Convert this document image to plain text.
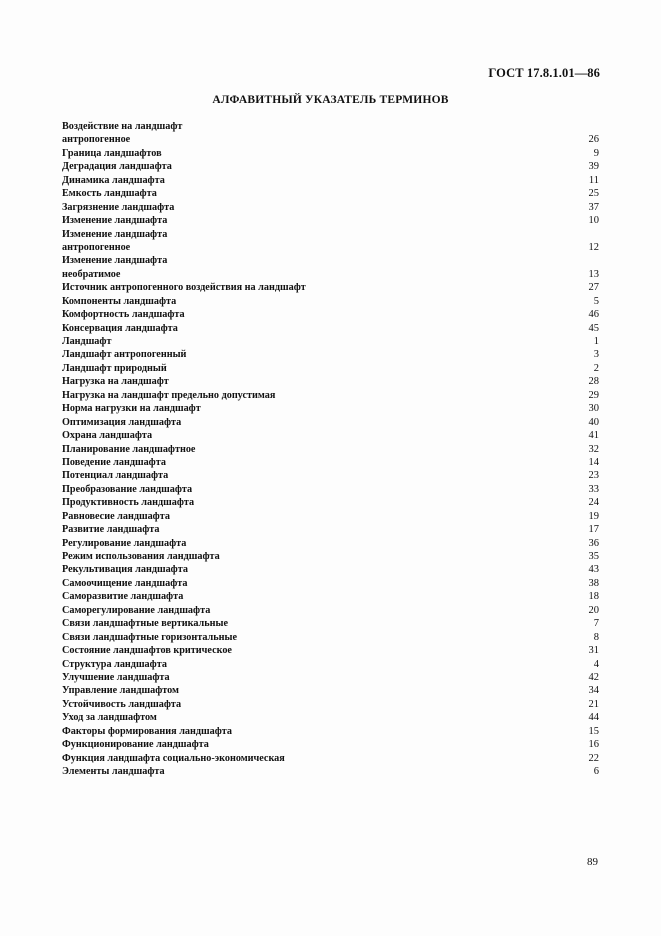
ГОСТ 17.8.1.01—86
АЛФАВИТНЫЙ УКАЗАТЕЛЬ ТЕРМИНОВ
Воздействие на ландшафт
антропогенное	26
Граница ландшафтов	9
Деградация ландшафта	39
Динамика ландшафта	11
Емкость ландшафта	25
Загрязнение ландшафта	37
Изменение ландшафта	10
Изменение ландшафта
антропогенное	12
Изменение ландшафта
необратимое	13
Источник антропогенного воздействия на ландшафт	27
Компоненты ландшафта	5
Комфортность ландшафта	46
Консервация ландшафта	45
Ландшафт	1
Ландшафт антропогенный	3
Ландшафт природный	2
Нагрузка на ландшафт	28
Нагрузка на ландшафт предельно допустимая	29
Норма нагрузки на ландшафт	30
Оптимизация ландшафта	40
Охрана ландшафта	41
Планирование ландшафтное	32
Поведение ландшафта	14
Потенциал ландшафта	23
Преобразование ландшафта	33
Продуктивность ландшафта	24
Равновесие ландшафта	19
Развитие ландшафта	17
Регулирование ландшафта	36
Режим использования ландшафта	35
Рекультивация ландшафта	43
Самоочищение ландшафта	38
Саморазвитие ландшафта	18
Саморегулирование ландшафта	20
Связи ландшафтные вертикальные	7
Связи ландшафтные горизонтальные	8
Состояние ландшафтов критическое	31
Структура ландшафта	4
Улучшение ландшафта	42
Управление ландшафтом	34
Устойчивость ландшафта	21
Уход за ландшафтом	44
Факторы формирования ландшафта	15
Функционирование ландшафта	16
Функция ландшафта социально-экономическая	22
Элементы ландшафта	6
89
